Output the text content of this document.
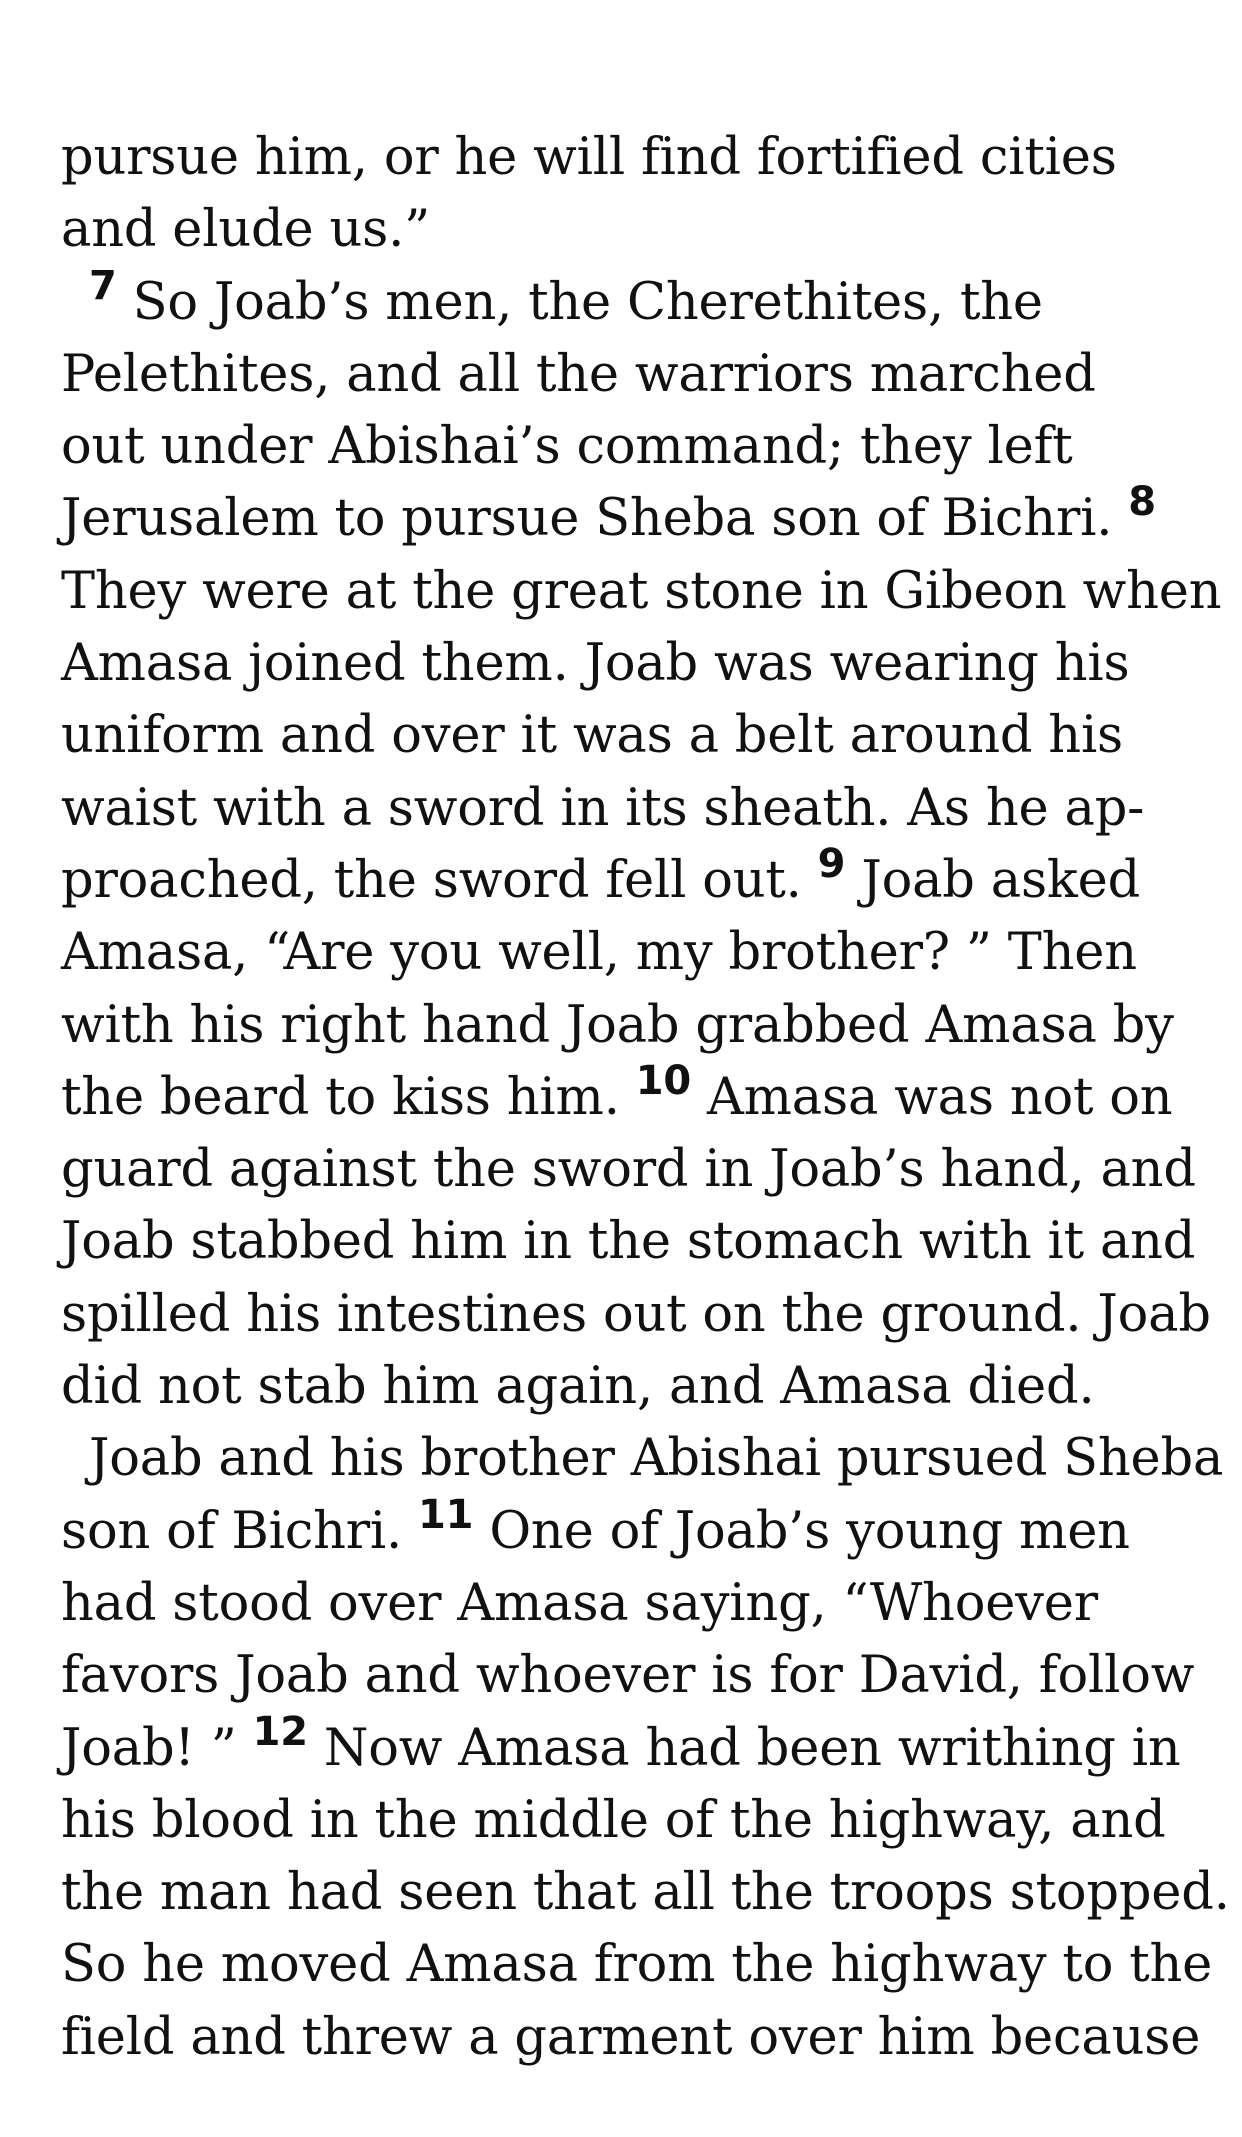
pursue him, or he will find fortified cities
and elude us.”
$^7$ So Joab’s men, the Cherethites, the
Pelethites, and all the warriors marched
out under Abishai’s command; they left
Jerusalem to pursue Sheba son of Bichri. $^8$
They were at the great stone in Gibeon when
Amasa joined them. Joab was wearing his
uniform and over it was a belt around his
waist with a sword in its sheath. As he ap-
proached, the sword fell out. $^9$ Joab asked
Amasa, “Are you well, my brother? ” Then
with his right hand Joab grabbed Amasa by
the beard to kiss him. $^{10}$ Amasa was not on
guard against the sword in Joab’s hand, and
Joab stabbed him in the stomach with it and
spilled his intestines out on the ground. Joab
did not stab him again, and Amasa died.
Joab and his brother Abishai pursued Sheba
son of Bichri. $^{11}$ One of Joab’s young men
had stood over Amasa saying, “Whoever
favors Joab and whoever is for David, follow
Joab! ” $^{12}$ Now Amasa had been writhing in
his blood in the middle of the highway, and
the man had seen that all the troops stopped.
So he moved Amasa from the highway to the
field and threw a garment over him because
